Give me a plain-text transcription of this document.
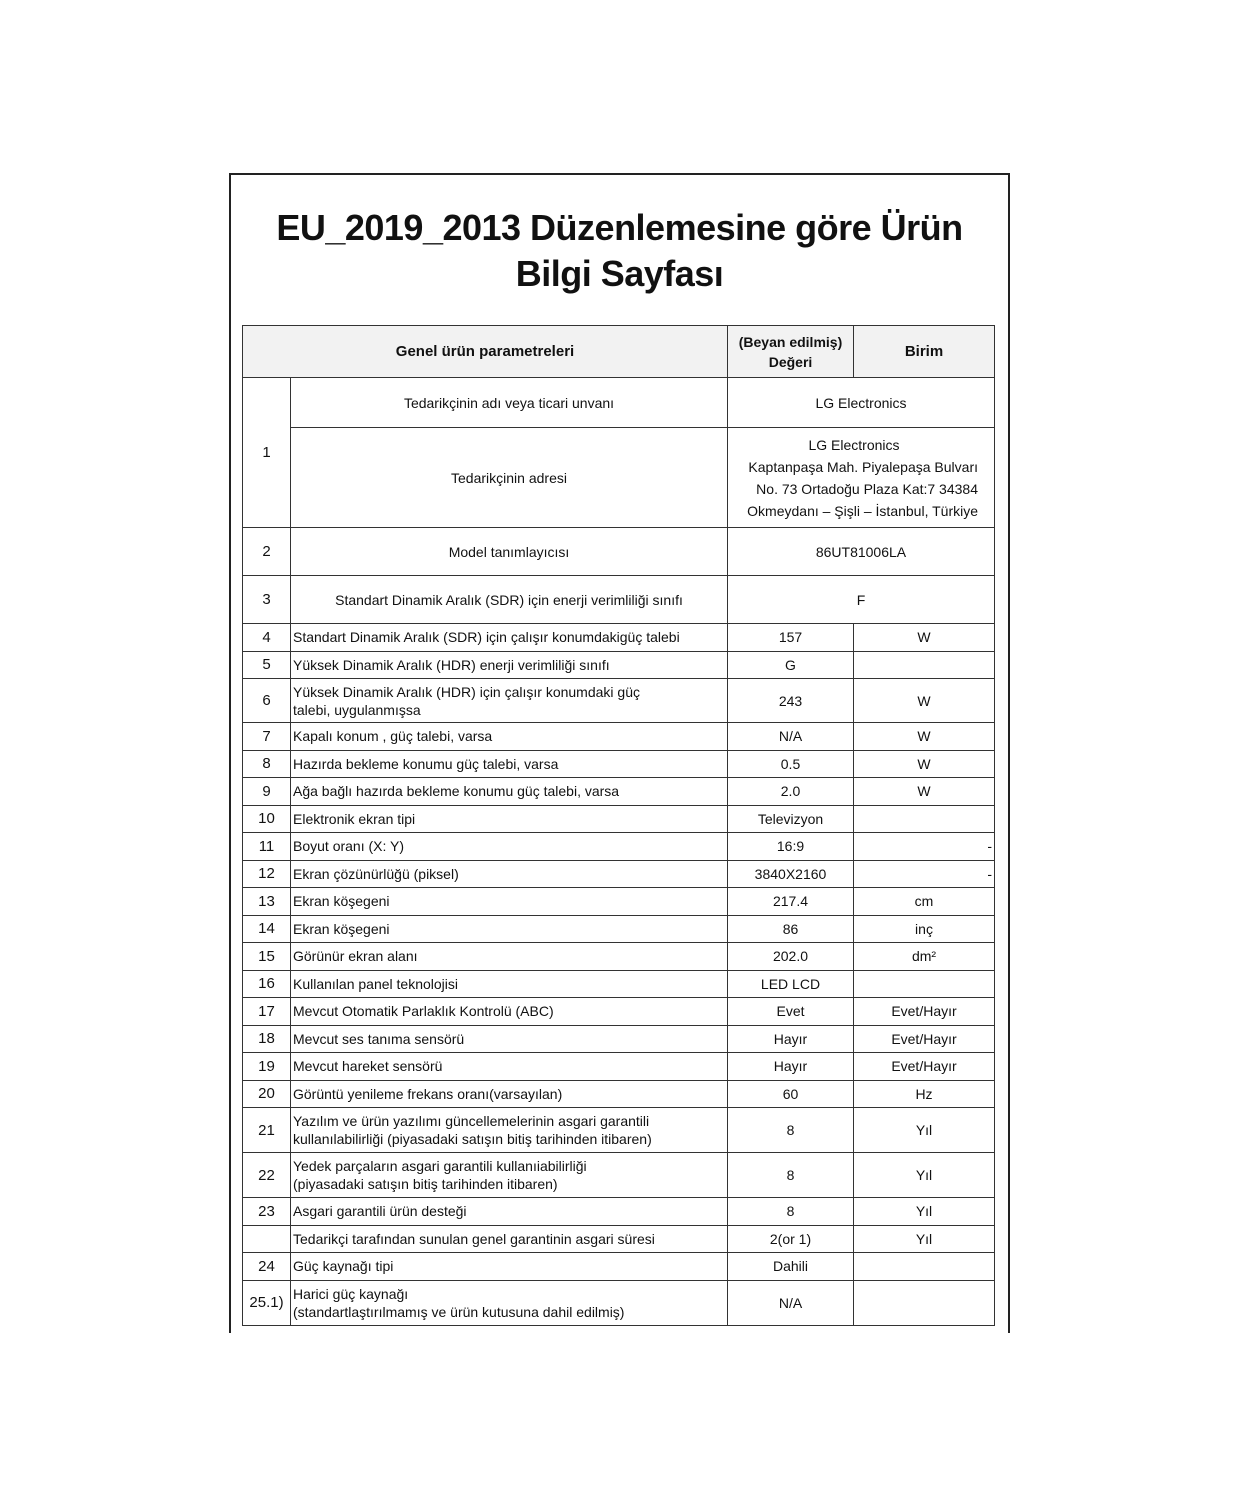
EU_2019_2013 Düzenlemesine göre Ürün
Bilgi Sayfası
Genel ürün parametreleri		(Beyan edilmiş)
Değeri	Birim
1	Tedarikçinin adı veya ticari unvanı	LG Electronics	
	Tedarikçinin adresi	LG Electronics
Kaptanpaşa Mah. Piyalepaşa Bulvarı
No. 73 Ortadoğu Plaza Kat:7 34384
Okmeydanı – Şişli – İstanbul, Türkiye	

2	Model tanımlayıcısı	86UT81006LA	
3	Standart Dinamik Aralık (SDR) için enerji verimliliği sınıfı	F	
4	Standart Dinamik Aralık (SDR) için çalışır konumdakigüç talebi	157	W
5	Yüksek Dinamik Aralık (HDR) enerji verimliliği sınıfı	G	
6	Yüksek Dinamik Aralık (HDR) için çalışır konumdaki güç
talebi, uygulanmışsa	243	W
7	Kapalı konum , güç talebi, varsa	N/A	W
8	Hazırda bekleme konumu güç talebi, varsa	0.5	W
9	Ağa bağlı hazırda bekleme konumu güç talebi, varsa	2.0	W
10	Elektronik ekran tipi	Televizyon	
11	Boyut oranı (X: Y)	16:9	-

12	Ekran çözünürlüğü (piksel)	3840X2160	-

13	Ekran köşegeni	217.4	cm
14	Ekran köşegeni	86	inç
15	Görünür ekran alanı	202.0	dm²
16	Kullanılan panel teknolojisi	LED LCD	
17	Mevcut Otomatik Parlaklık Kontrolü (ABC)	Evet	Evet/Hayır
18	Mevcut ses tanıma sensörü	Hayır	Evet/Hayır
19	Mevcut hareket sensörü	Hayır	Evet/Hayır
20	Görüntü yenileme frekans oranı(varsayılan)	60	Hz
21	Yazılım ve ürün yazılımı güncellemelerinin asgari garantili
kullanılabilirliği (piyasadaki satışın bitiş tarihinden itibaren)	8	Yıl
22	Yedek parçaların asgari garantili kullanıiabilirliği
(piyasadaki satışın bitiş tarihinden itibaren)	8	Yıl
23	Asgari garantili ürün desteği	8	Yıl

	Tedarikçi tarafından sunulan genel garantinin asgari süresi	2(or 1)	Yıl
24	Güç kaynağı tipi	Dahili	
25.1)	Harici güç kaynağı
(standartlaştırılmamış ve ürün kutusuna dahil edilmiş)	N/A	
